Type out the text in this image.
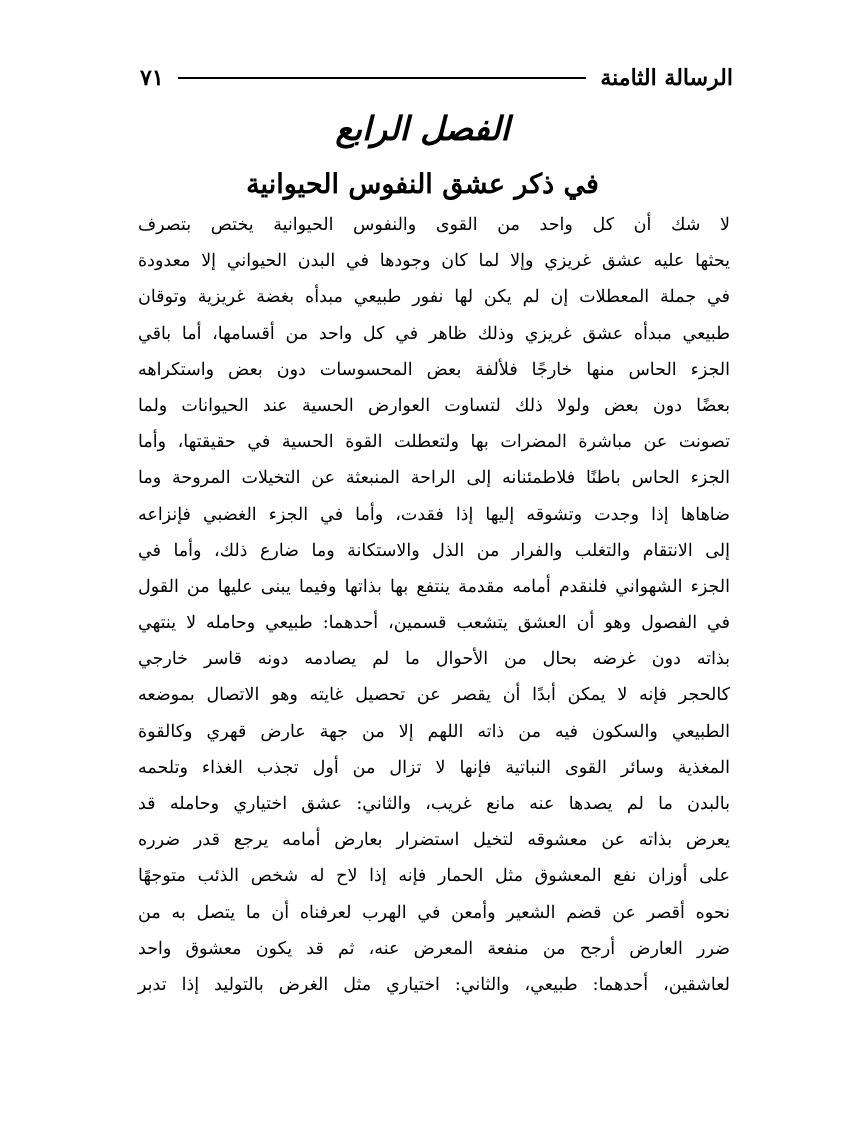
الرسالة الثامنة
٧١
الفصل الرابع
في ذكر عشق النفوس الحيوانية
لا شك أن كل واحد من القوى والنفوس الحيوانية يختص بتصرف
يحثها عليه عشق غريزي وإلا لما كان وجودها في البدن الحيواني إلا معدودة
في جملة المعطلات إن لم يكن لها نفور طبيعي مبدأه بغضة غريزية وتوقان
طبيعي مبدأه عشق غريزي وذلك ظاهر في كل واحد من أقسامها، أما باقي
الجزء الحاس منها خارجًا فلألفة بعض المحسوسات دون بعض واستكراهه
بعضًا دون بعض ولولا ذلك لتساوت العوارض الحسية عند الحيوانات ولما
تصونت عن مباشرة المضرات بها ولتعطلت القوة الحسية في حقيقتها، وأما
الجزء الحاس باطنًا فلاطمئنانه إلى الراحة المنبعثة عن التخيلات المروحة وما
ضاهاها إذا وجدت وتشوقه إليها إذا فقدت، وأما في الجزء الغضبي فإنزاعه
إلى الانتقام والتغلب والفرار من الذل والاستكانة وما ضارع ذلك، وأما في
الجزء الشهواني فلنقدم أمامه مقدمة ينتفع بها بذاتها وفيما يبنى عليها من القول
في الفصول وهو أن العشق يتشعب قسمين، أحدهما: طبيعي وحامله لا ينتهي
بذاته دون غرضه بحال من الأحوال ما لم يصادمه دونه قاسر خارجي
كالحجر فإنه لا يمكن أبدًا أن يقصر عن تحصيل غايته وهو الاتصال بموضعه
الطبيعي والسكون فيه من ذاته اللهم إلا من جهة عارض قهري وكالقوة
المغذية وسائر القوى النباتية فإنها لا تزال من أول تجذب الغذاء وتلحمه
بالبدن ما لم يصدها عنه مانع غريب، والثاني: عشق اختياري وحامله قد
يعرض بذاته عن معشوقه لتخيل استضرار بعارض أمامه يرجع قدر ضرره
على أوزان نفع المعشوق مثل الحمار فإنه إذا لاح له شخص الذئب متوجهًا
نحوه أقصر عن قضم الشعير وأمعن في الهرب لعرفناه أن ما يتصل به من
ضرر العارض أرجح من منفعة المعرض عنه، ثم قد يكون معشوق واحد
لعاشقين، أحدهما: طبيعي، والثاني: اختياري مثل الغرض بالتوليد إذا تدبر
